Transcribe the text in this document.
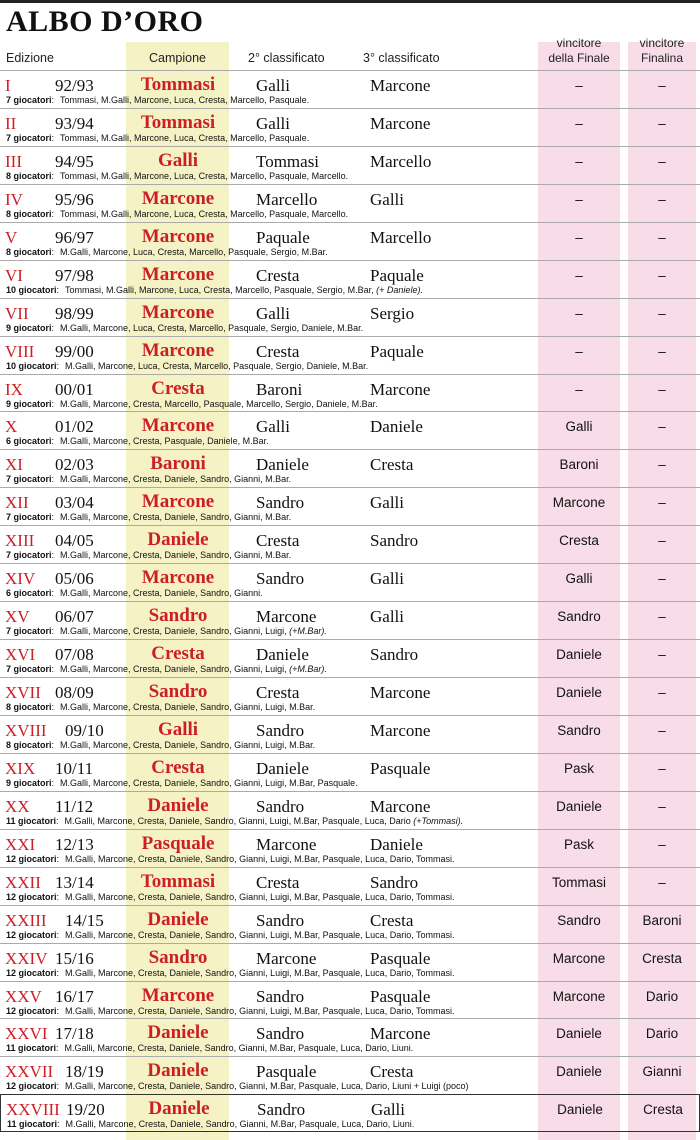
ALBO D’ORO
Edizione	Campione	2° classificato	3° classificato
vincitore
della Finale
vincitore
Finalina
I	92/93	Tommasi	Galli	Marcone	–	–
7 giocatori: Tommasi, M.Galli, Marcone, Luca, Cresta, Marcello, Pasquale.
II 93/94	Tommasi	Galli	Marcone	–	–
7 giocatori: Tommasi, M.Galli, Marcone, Luca, Cresta, Marcello, Pasquale.
III 94/95	Galli	Tommasi	Marcello	–	–
8 giocatori: Tommasi, M.Galli, Marcone, Luca, Cresta, Marcello, Pasquale, Marcello.
IV 95/96	Marcone	Marcello	Galli	–	–
8 giocatori: Tommasi, M.Galli, Marcone, Luca, Cresta, Marcello, Pasquale, Marcello.
V 96/97	Marcone	Paquale	Marcello	–	–
8 giocatori: M.Galli, Marcone, Luca, Cresta, Marcello, Pasquale, Sergio, M.Bar.
VI 97/98	Marcone	Cresta	Paquale	–	–
10 giocatori: Tommasi, M.Galli, Marcone, Luca, Cresta, Marcello, Pasquale, Sergio, M.Bar, (+ Daniele).
VII 98/99	Marcone	Galli	Sergio	–	–
9 giocatori: M.Galli, Marcone, Luca, Cresta, Marcello, Pasquale, Sergio, Daniele, M.Bar.
VIII 99/00	Marcone	Cresta	Paquale	–	–
10 giocatori: M.Galli, Marcone, Luca, Cresta, Marcello, Pasquale, Sergio, Daniele, M.Bar.
IX 00/01	Cresta	Baroni	Marcone	–	–
9 giocatori: M.Galli, Marcone, Cresta, Marcello, Pasquale, Marcello, Sergio, Daniele, M.Bar.
X 01/02	Marcone	Galli	Daniele	Galli	–
6 giocatori: M.Galli, Marcone, Cresta, Pasquale, Daniele, M.Bar.
XI 02/03	Baroni	Daniele	Cresta	Baroni	–
7 giocatori: M.Galli, Marcone, Cresta, Daniele, Sandro, Gianni, M.Bar.
XII 03/04	Marcone	Sandro	Galli	Marcone	–
7 giocatori: M.Galli, Marcone, Cresta, Daniele, Sandro, Gianni, M.Bar.
XIII 04/05	Daniele	Cresta	Sandro	Cresta	–
7 giocatori: M.Galli, Marcone, Cresta, Daniele, Sandro, Gianni, M.Bar.
XIV 05/06	Marcone	Sandro	Galli	Galli	–
6 giocatori: M.Galli, Marcone, Cresta, Daniele, Sandro, Gianni.
XV 06/07	Sandro	Marcone	Galli	Sandro	–
7 giocatori: M.Galli, Marcone, Cresta, Daniele, Sandro, Gianni, Luigi, (+M.Bar).
XVI 07/08	Cresta	Daniele	Sandro	Daniele	–
7 giocatori: M.Galli, Marcone, Cresta, Daniele, Sandro, Gianni, Luigi, (+M.Bar).
XVII 08/09	Sandro	Cresta	Marcone	Daniele	–
8 giocatori: M.Galli, Marcone, Cresta, Daniele, Sandro, Gianni, Luigi, M.Bar.
XVIII 09/10	Galli	Sandro	Marcone	Sandro	–
8 giocatori: M.Galli, Marcone, Cresta, Daniele, Sandro, Gianni, Luigi, M.Bar.
XIX 10/11	Cresta	Daniele	Pasquale	Pask	–
9 giocatori: M.Galli, Marcone, Cresta, Daniele, Sandro, Gianni, Luigi, M.Bar, Pasquale.
XX 11/12	Daniele	Sandro	Marcone	Daniele	–
11 giocatori: M.Galli, Marcone, Cresta, Daniele, Sandro, Gianni, Luigi, M.Bar, Pasquale, Luca, Dario (+Tommasi).
XXI 12/13	Pasquale	Marcone	Daniele	Pask	–
12 giocatori: M.Galli, Marcone, Cresta, Daniele, Sandro, Gianni, Luigi, M.Bar, Pasquale, Luca, Dario, Tommasi.
XXII 13/14	Tommasi	Cresta	Sandro	Tommasi	–
12 giocatori: M.Galli, Marcone, Cresta, Daniele, Sandro, Gianni, Luigi, M.Bar, Pasquale, Luca, Dario, Tommasi.
XXIII 14/15	Daniele	Sandro	Cresta	Sandro	Baroni
12 giocatori: M.Galli, Marcone, Cresta, Daniele, Sandro, Gianni, Luigi, M.Bar, Pasquale, Luca, Dario, Tommasi.
XXIV 15/16	Sandro	Marcone	Pasquale	Marcone	Cresta
12 giocatori: M.Galli, Marcone, Cresta, Daniele, Sandro, Gianni, Luigi, M.Bar, Pasquale, Luca, Dario, Tommasi.
XXV 16/17	Marcone	Sandro	Pasquale	Marcone	Dario
12 giocatori: M.Galli, Marcone, Cresta, Daniele, Sandro, Gianni, Luigi, M.Bar, Pasquale, Luca, Dario, Tommasi.
XXVI 17/18	Daniele	Sandro	Marcone	Daniele	Dario
11 giocatori: M.Galli, Marcone, Cresta, Daniele, Sandro, Gianni, M.Bar, Pasquale, Luca, Dario, Liuni.
XXVII 18/19	Daniele	Pasquale	Cresta	Daniele	Gianni
12 giocatori: M.Galli, Marcone, Cresta, Daniele, Sandro, Gianni, M.Bar, Pasquale, Luca, Dario, Liuni + Luigi (poco)
XXVIII 19/20	Daniele	Sandro	Galli	Daniele	Cresta
11 giocatori: M.Galli, Marcone, Cresta, Daniele, Sandro, Gianni, M.Bar, Pasquale, Luca, Dario, Liuni.
